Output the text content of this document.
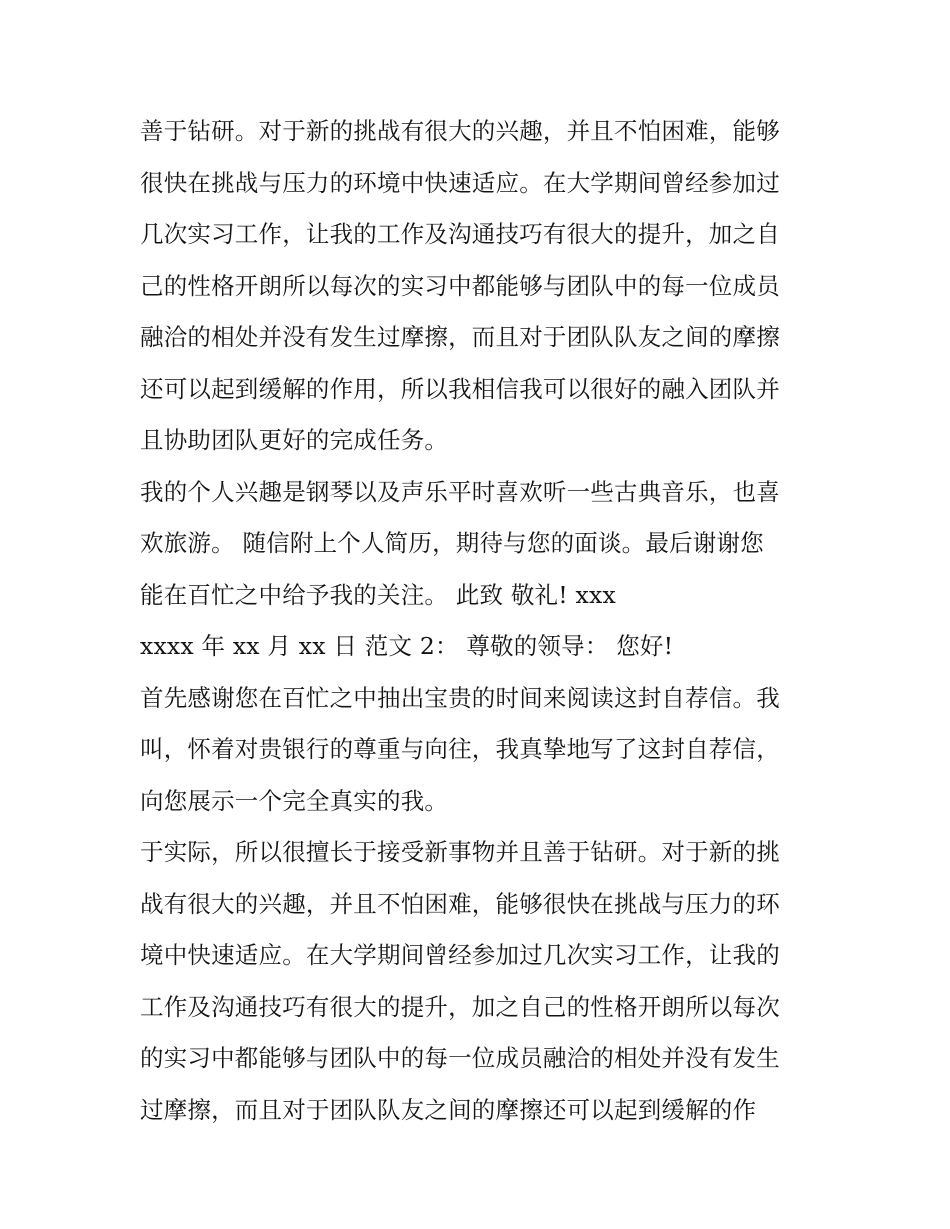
善于钻研。对于新的挑战有很大的兴趣，并且不怕困难，能够
很快在挑战与压力的环境中快速适应。在大学期间曾经参加过
几次实习工作，让我的工作及沟通技巧有很大的提升，加之自
己的性格开朗所以每次的实习中都能够与团队中的每一位成员
融洽的相处并没有发生过摩擦，而且对于团队队友之间的摩擦
还可以起到缓解的作用，所以我相信我可以很好的融入团队并
且协助团队更好的完成任务。
我的个人兴趣是钢琴以及声乐平时喜欢听一些古典音乐，也喜
欢旅游。 随信附上个人简历，期待与您的面谈。最后谢谢您
能在百忙之中给予我的关注。 此致 敬礼! xxx
xxxx 年 xx 月 xx 日 范文 2： 尊敬的领导： 您好!
首先感谢您在百忙之中抽出宝贵的时间来阅读这封自荐信。我
叫，怀着对贵银行的尊重与向往，我真挚地写了这封自荐信，
向您展示一个完全真实的我。
于实际，所以很擅长于接受新事物并且善于钻研。对于新的挑
战有很大的兴趣，并且不怕困难，能够很快在挑战与压力的环
境中快速适应。在大学期间曾经参加过几次实习工作，让我的
工作及沟通技巧有很大的提升，加之自己的性格开朗所以每次
的实习中都能够与团队中的每一位成员融洽的相处并没有发生
过摩擦，而且对于团队队友之间的摩擦还可以起到缓解的作
